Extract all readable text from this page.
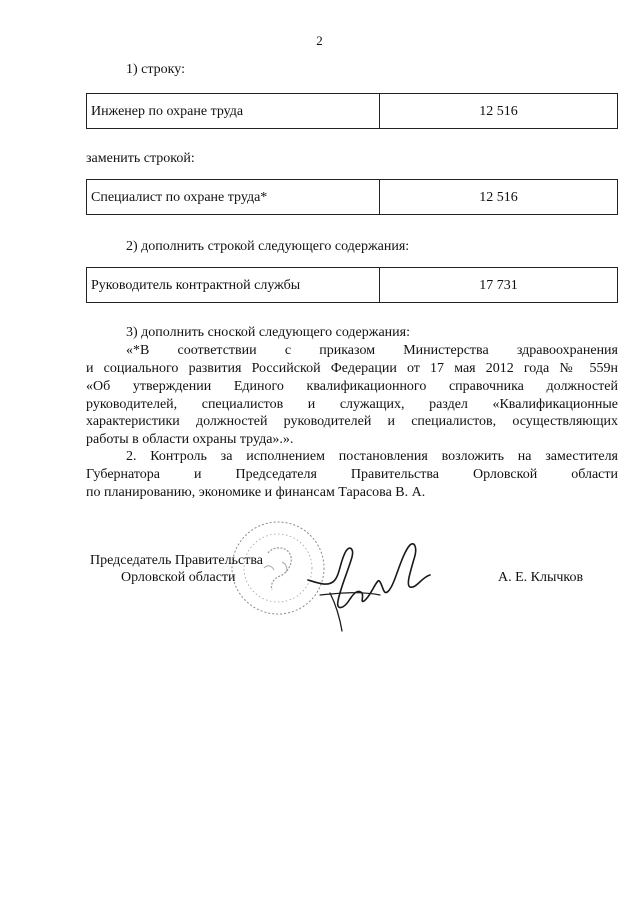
2
1) строку:
Инженер по охране труда	12 516
заменить строкой:
Специалист по охране труда*	12 516
2) дополнить строкой следующего содержания:
Руководитель контрактной службы	17 731
3) дополнить сноской следующего содержания:
«*В соответствии с приказом Министерства здравоохранения
и социального развития Российской Федерации от 17 мая 2012 года № 559н
«Об утверждении Единого квалификационного справочника должностей
руководителей, специалистов и служащих, раздел «Квалификационные
характеристики должностей руководителей и специалистов, осуществляющих
работы в области охраны труда».».
2. Контроль за исполнением постановления возложить на заместителя
Губернатора и Председателя Правительства Орловской области
по планированию, экономике и финансам Тарасова В. А.
Председатель Правительства
Орловской области	А. Е. Клычков
